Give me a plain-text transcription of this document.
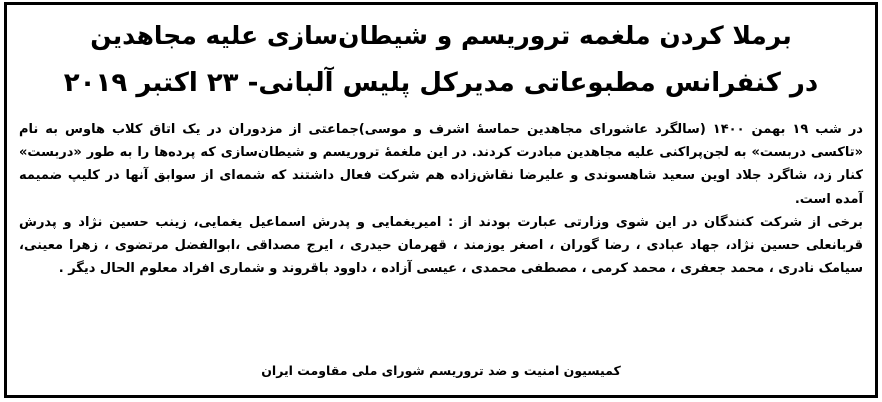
برملا کردن ملغمه تروریسم و شیطان‌سازی علیه مجاهدین
در کنفرانس مطبوعاتی مدیرکل پلیس آلبانی- ۲۳ اکتبر ۲۰۱۹

در شب ۱۹ بهمن ۱۴۰۰ (سالگرد عاشورای مجاهدین حماسهٔ اشرف و موسی)جماعتی از مزدوران در یک اتاق کلاب هاوس به نام «تاکسی دربست» به لجن‌پراکنی علیه مجاهدین مبادرت کردند. در این ملغمهٔ تروریسم و شیطان‌سازی که پرده‌ها را به طور «دربست» کنار زد، شاگرد جلاد اوین سعید شاهسوندی و علیرضا نقاش‌زاده هم شرکت فعال داشتند که شمه‌ای از سوابق آنها در کلیپ ضمیمه آمده است.

برخی از شرکت کنندگان در این شوی وزارتی عبارت بودند از : امیریغمایی و پدرش اسماعیل یغمایی، زینب حسین نژاد و پدرش قربانعلی حسین نژاد، جهاد عبادی ، رضا گوران ، اصغر یوزمند ، قهرمان حیدری ، ایرج مصداقی ،ابوالفضل مرتضوی ، زهرا معینی، سیامک نادری ، محمد جعفری ، محمد کرمی ، مصطفی محمدی ، عیسی آزاده ، داوود باقروند و شماری افراد معلوم الحال دیگر .

کمیسیون امنیت و ضد تروریسم شورای ملی مقاومت ایران
